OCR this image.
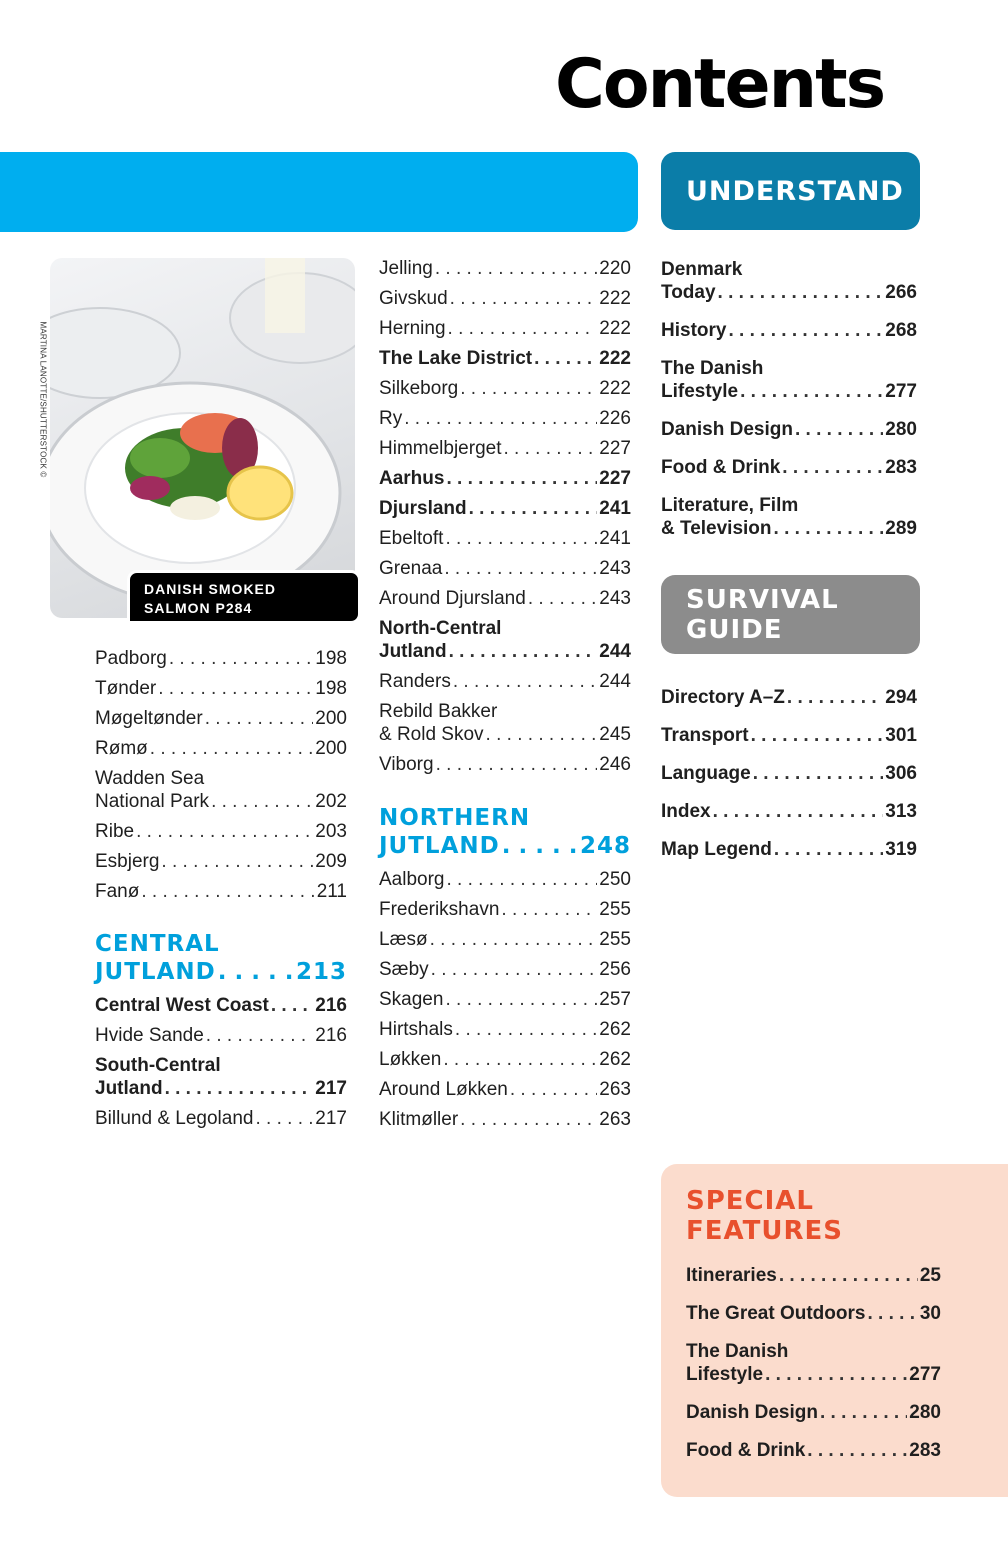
Contents
UNDERSTAND
SURVIVAL
GUIDE
MARTINA LANOTTE/SHUTTERSTOCK ©
DANISH SMOKED
SALMON P284
Padborg . . .	198
Tønder . . .	198
Møgeltønder . . .	200
Rømø . . .	200
Wadden Sea
National Park . . .	202
Ribe . . .	203
Esbjerg . . .	209
Fanø . . .	211
CENTRAL
JUTLAND . . .	213
Central West Coast . . . 216
Hvide Sande . . .	216
South-Central
Jutland . . .	217
Billund & Legoland . . .	217
Jelling . . .	220
Givskud . . .	222
Herning . . .	222
The Lake District . . .	222
Silkeborg . . .	222
Ry . . .	226
Himmelbjerget . . .	227
Aarhus . . .	227
Djursland . . .	241
Ebeltoft . . .	241
Grenaa . . .	243
Around Djursland . . .	243
North-Central
Jutland . . .	244
Randers . . .	244
Rebild Bakker
& Rold Skov . . .	245
Viborg . . .	246
NORTHERN
JUTLAND . . .	248
Aalborg . . .	250
Frederikshavn . . .	255
Læsø . . .	255
Sæby . . .	256
Skagen . . .	257
Hirtshals . . .	262
Løkken . . .	262
Around Løkken . . .	263
Klitmøller . . .	263
Denmark
Today . . .	266
History . . .	268
The Danish
Lifestyle . . .	277
Danish Design . . .	280
Food & Drink . . .	283
Literature, Film
& Television . . .	289
Directory A–Z . . .	294
Transport . . .	301
Language . . .	306
Index . . .	313
Map Legend . . .	319
SPECIAL
FEATURES
Itineraries . . .	25
The Great Outdoors . . .	30
The Danish
Lifestyle . . .	277
Danish Design . . .	280
Food & Drink . . .	283
